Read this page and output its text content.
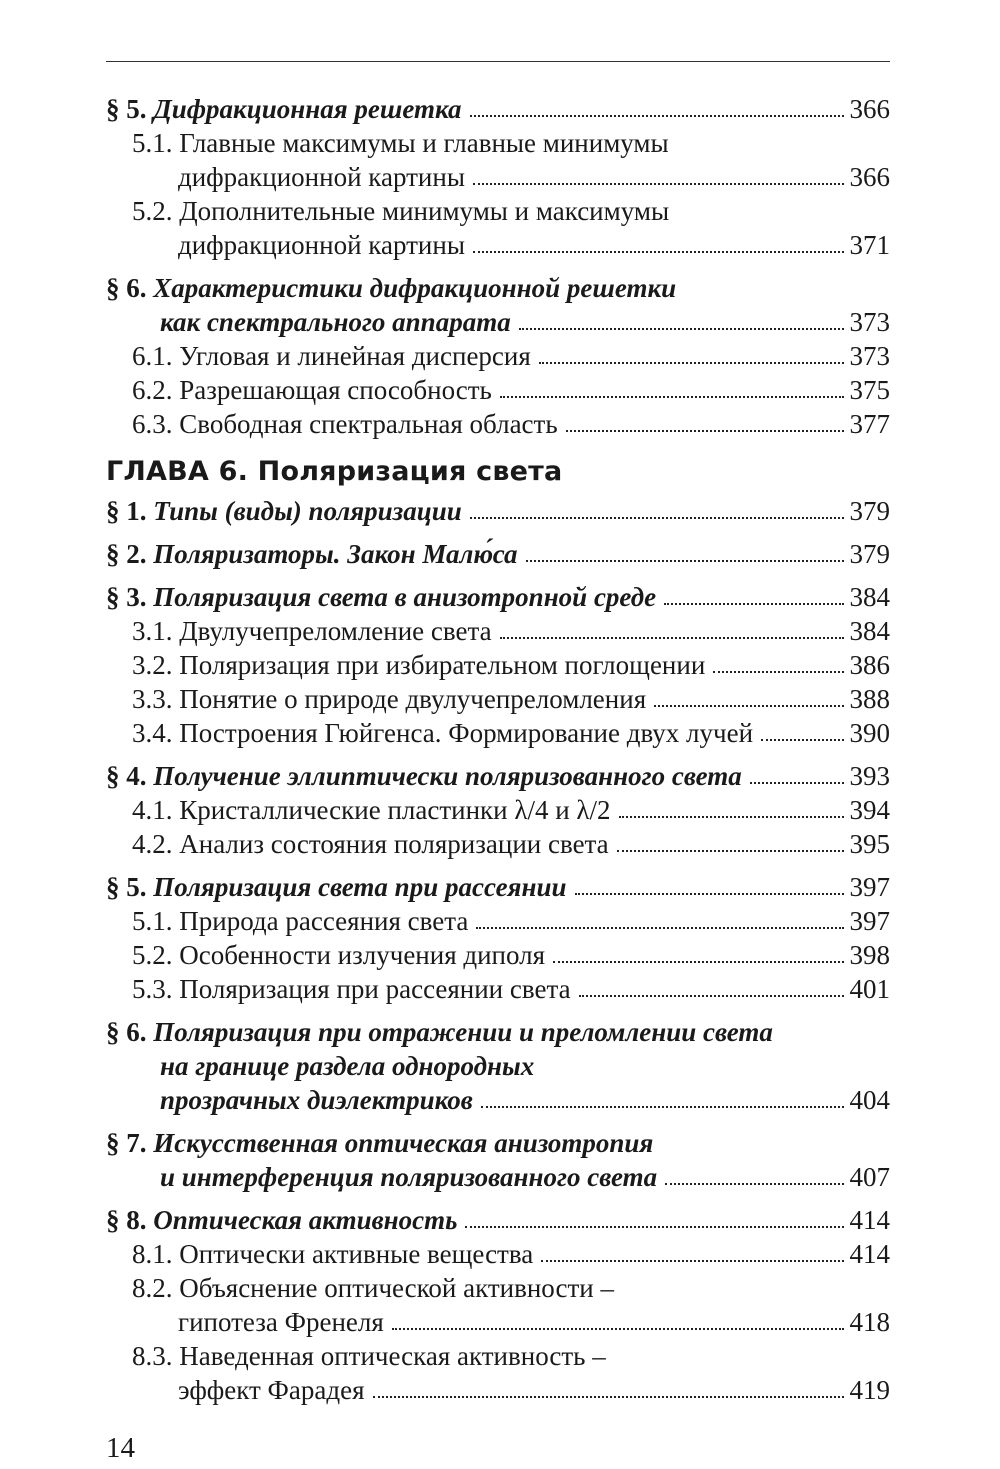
§ 5. Дифракционная решетка	366
5.1. Главные максимумы и главные минимумы
дифракционной картины	366
5.2. Дополнительные минимумы и максимумы
дифракционной картины	371
§ 6. Характеристики дифракционной решетки
как спектрального аппарата	373
6.1. Угловая и линейная дисперсия	373
6.2. Разрешающая способность	375
6.3. Свободная спектральная область	377
ГЛАВА 6. Поляризация света
§ 1. Типы (виды) поляризации	379
§ 2. Поляризаторы. Закон Малю́са	379
§ 3. Поляризация света в анизотропной среде	384
3.1. Двулучепреломление света	384
3.2. Поляризация при избирательном поглощении	386
3.3. Понятие о природе двулучепреломления	388
3.4. Построения Гюйгенса. Формирование двух лучей	390
§ 4. Получение эллиптически поляризованного света	393
4.1. Кристаллические пластинки λ/4 и λ/2	394
4.2. Анализ состояния поляризации света	395
§ 5. Поляризация света при рассеянии	397
5.1. Природа рассеяния света	397
5.2. Особенности излучения диполя	398
5.3. Поляризация при рассеянии света	401
§ 6. Поляризация при отражении и преломлении света
на границе раздела однородных
прозрачных диэлектриков	404
§ 7. Искусственная оптическая анизотропия
и интерференция поляризованного света	407
§ 8. Оптическая активность	414
8.1. Оптически активные вещества	414
8.2. Объяснение оптической активности –
гипотеза Френеля	418
8.3. Наведенная оптическая активность –
эффект Фарадея	419
14
